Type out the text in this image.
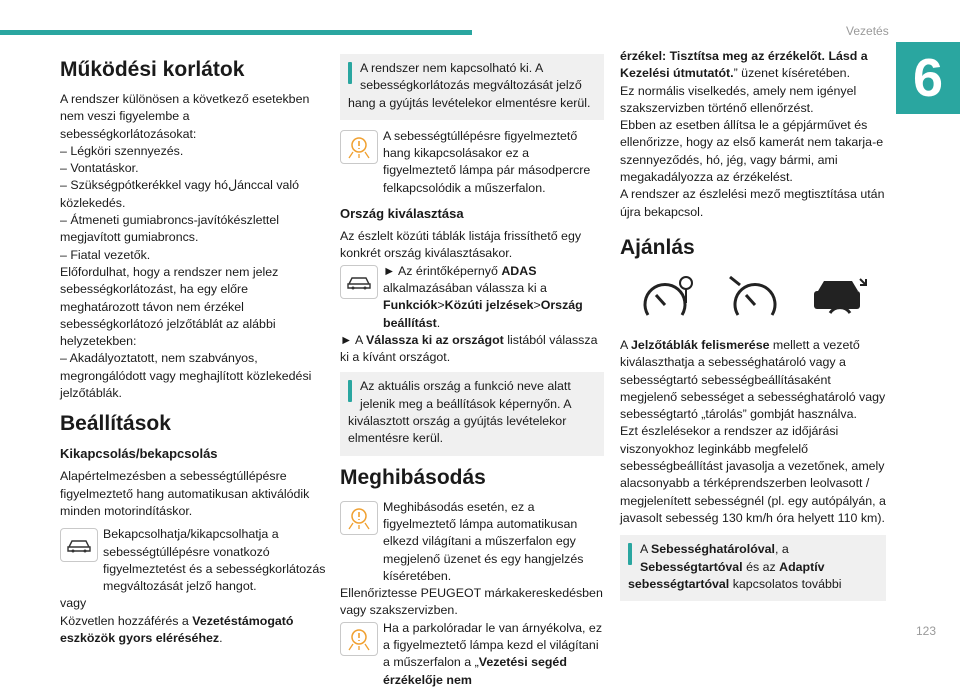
Vezetés
6
123
Működési korlátok

A rendszer különösen a következő esetekben nem veszi figyelembe a sebességkorlátozásokat:

– Légköri szennyezés.

– Vontatáskor.

– Szükségpótkerékkel vagy hóلánccal való közlekedés.

– Átmeneti gumiabroncs-javítókészlettel megjavított gumiabroncs.

– Fiatal vezetők.

Előfordulhat, hogy a rendszer nem jelez sebességkorlátozást, ha egy előre meghatározott távon nem érzékel sebességkorlátozó jelzőtáblát az alábbi helyzetekben:

– Akadályoztatott, nem szabványos, megrongálódott vagy meghajlított közlekedési jelzőtáblák.

Beállítások
Kikapcsolás/bekapcsolás

Alapértelmezésben a sebességtúllépésre figyelmeztető hang automatikusan aktiválódik minden motorindításkor.

Bekapcsolhatja/kikapcsolhatja a sebességtúllépésre vonatkozó figyelmeztetést és a sebességkorlátozás megváltozását jelző hangot.

vagy

Közvetlen hozzáférés a Vezetéstámogató eszközök gyors eléréséhez.

A rendszer nem kapcsolható ki. A sebességkorlátozás megváltozását jelző hang a gyújtás levételekor elmentésre kerül.

A sebességtúllépésre figyelmeztető hang kikapcsolásakor ez a figyelmeztető lámpa pár másodpercre felkapcsolódik a műszerfalon.

Ország kiválasztása

Az észlelt közúti táblák listája frissíthető egy konkrét ország kiválasztásakor.

► Az érintőképernyő ADAS alkalmazásában válassza ki a Funkciók>Közúti jelzések>Ország beállítást.

► A Válassza ki az országot listából válassza ki a kívánt országot.

Az aktuális ország a funkció neve alatt jelenik meg a beállítások képernyőn. A kiválasztott ország a gyújtás levételekor elmentésre kerül.

Meghibásodás

Meghibásodás esetén, ez a figyelmeztető lámpa automatikusan elkezd világítani a műszerfalon egy megjelenő üzenet és egy hangjelzés kíséretében.

Ellenőriztesse PEUGEOT márkakereskedésben vagy szakszervizben.

Ha a parkolóradar le van árnyékolva, ez a figyelmeztető lámpa kezd el világítani a műszerfalon a „Vezetési segéd érzékelője nem

érzékel: Tisztítsa meg az érzékelőt. Lásd a Kezelési útmutatót.” üzenet kíséretében.

Ez normális viselkedés, amely nem igényel szakszervizben történő ellenőrzést.

Ebben az esetben állítsa le a gépjárművet és ellenőrizze, hogy az első kamerát nem takarja-e szennyeződés, hó, jég, vagy bármi, ami megakadályozza az érzékelést.

A rendszer az észlelési mező megtisztítása után újra bekapcsol.

Ajánlás

A Jelzőtáblák felismerése mellett a vezető kiválaszthatja a sebességhatároló vagy a sebességtartó sebességbeállításaként megjelenő sebességet a sebességhatároló vagy sebességtartó „tárolás” gombját használva.

Ezt észlelésekor a rendszer az időjárási viszonyokhoz leginkább megfelelő sebességbeállítást javasolja a vezetőnek, amely alacsonyabb a térképrendszerben leolvasott / megjelenített sebességnél (pl. egy autópályán, a javasolt sebesség 130 km/h óra helyett 110 km).

A Sebességhatárolóval, a Sebességtartóval és az Adaptív sebességtartóval kapcsolatos további
